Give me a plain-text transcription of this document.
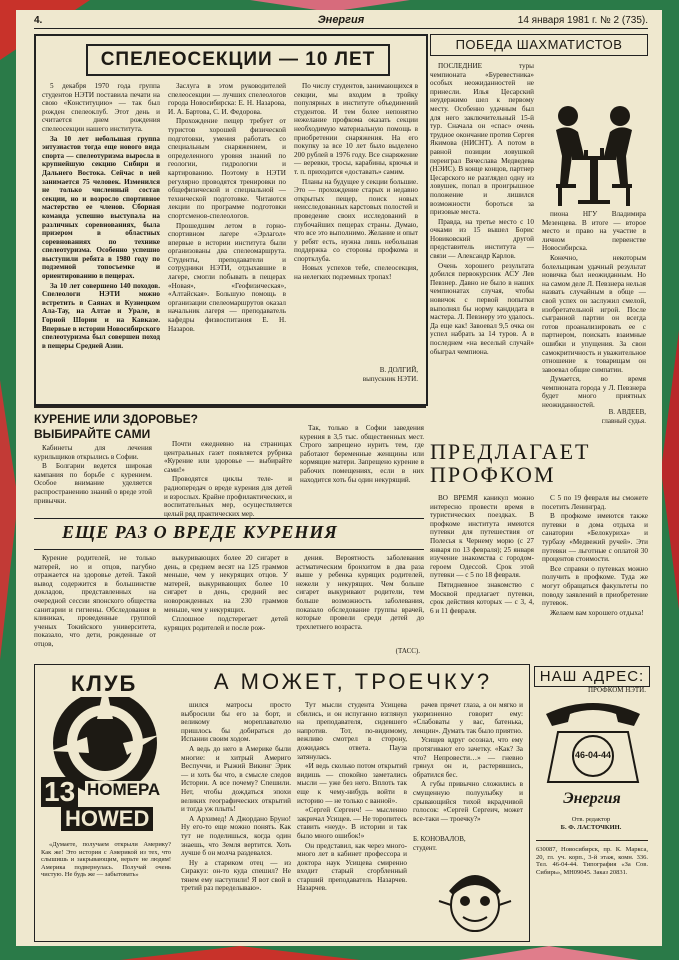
4.	Энергия	14 января 1981 г. № 2 (735).
СПЕЛЕОСЕКЦИИ — 10 ЛЕТ

5 декабря 1970 года группа студентов НЭТИ поставила печати на свою «Конституцию» — так был рожден спелеоклуб. Этот день и считается днем рождения спелеосекции нашего института.

За 10 лет небольшая группа энтузиастов тогда еще нового вида спорта — спелеотуризма выросла в крупнейшую секцию Сибири и Дальнего Востока. Сейчас в ней занимается 75 человек. Изменился не только численный состав секции, но и возросло спортивное мастерство ее членов. Сборная команда успешно выступала на различных соревнованиях, была призером в областных соревнованиях по технике спелеотуризма. Особенно успешно выступили ребята в 1980 году по подземной топосъемке и ориентированию в пещерах.

За 10 лет совершено 140 походов. Спелеологи НЭТИ можно встретить в Саянах и Кузнецком Ала-Тау, на Алтае и Урале, в Горной Шории и на Кавказе. Впервые в истории Новосибирского спелеотуризма был совершен поход в пещеры Средней Азии.

Заслуга в этом руководителей спелеосекции — лучших спелеологов города Новосибирска: Е. Н. Назарова, И. А. Бартова, С. И. Федорова.

Прохождение пещер требует от туристов хорошей физической подготовки, умения работать со специальным снаряжением, и определенного уровня знаний по геологии, гидрологии и картированию. Поэтому в НЭТИ регулярно проводятся тренировки по общефизической и специальной — технической подготовке. Читаются лекции по программе подготовки спортсменов-спелеологов.

Прошедшим летом в горно-спортивном лагере «Эрлагол» впервые в истории института были организованы два спелеомаршрута. Студенты, преподаватели и сотрудники НЭТИ, отдыхавшие в лагере, смогли побывать в пещерах «Новая», «Геофизическая», «Алтайская». Большую помощь в организации спелеомаршрутов оказал начальник лагеря — преподаватель кафедры физвоспитания Е. Н. Назаров.

По числу студентов, занимающихся в секции, мы входим в тройку популярных в институте объединений студентов. И тем более непонятно нежелание профкома оказать секции необходимую материальную помощь в приобретении снаряжения. На его покупку за все 10 лет было выделено 200 рублей в 1976 году. Все снаряжение — веревки, тросы, карабины, крючья и т. п. приходится «доставать» самим.

Планы на будущее у секции большие. Это — прохождение старых и недавно открытых пещер, поиск новых неисследованных карстовых полостей и проведение своих исследований в глубочайших пещерах страны. Думаю, что все это выполнимо. Желание и опыт у ребят есть, нужна лишь небольшая поддержка со стороны профкома и спортклуба.

Новых успехов тебе, спелеосекция, на нелегких подземных тропах!

В. ДОЛГИЙ,
выпускник НЭТИ.

ПОБЕДА ШАХМАТИСТОВ

ПОСЛЕДНИЕ туры чемпионата «Буревестника» особых неожиданностей не принесли. Илья Цесарский неудержимо шел к первому месту. Особенно удачным был для него заключительный 15-й тур. Сначала он «спас» очень трудное окончание против Сергея Якимова (НИСНТ). А потом в равной позиции ловушкой переиграл Вячеслава Медведева (НЭИС). В конце концов, партнер Цесарского не разглядел одну из ловушек, попал в проигрышное положение и лишился возможности бороться за призовые места.

Правда, на третье место с 10 очками из 15 вышел Борис Новиковский другой представитель института — связи — Александр Карлов.

Очень хорошего результата добился первокурсник АСУ Лев Певзнер. Давно не было в наших чемпионатах случая, чтобы новичок с первой попытки выполнял бы норму кандидата в мастера. Л. Певзнеру это удалось. Да еще как! Завоевал 9,5 очка он успел набрать за 14 туров. А в последнем «на веселый случай» обыграл чемпиона.

пиона НГУ Владимира Мезенцева. В итоге — второе место и право на участие в личном первенстве Новосибирска.

Конечно, некоторым болельщикам удачный результат новичка был неожиданным. Но на самом деле Л. Певзнера нельзя назвать случайным в обще — свой успех он заслужил смелой, изобретательной игрой. После сыгранной партии он всегда готов проанализировать ее с партнером, поискать взаимные ошибки и упущения. За свои самокритичность и уважительное отношение к товарищам он завоевал общие симпатии.

Думается, во время чемпионата города у Л. Певзнера будет много приятных неожиданностей.

В. АВДЕЕВ,
главный судья.

КУРЕНИЕ ИЛИ ЗДОРОВЬЕ?
ВЫБИРАЙТЕ САМИ

Кабинеты для лечения курильщиков открылись в Софии.

В Болгарии ведется широкая кампания по борьбе с курением. Особое внимание уделяется распространению знаний о вреде этой привычки.

Почти ежедневно на страницах центральных газет появляется рубрика «Курение или здоровье — выбирайте сами!»

Проводятся циклы теле- и радиопередач о вреде курения для детей и взрослых. Крайне профилактических, и воспитательных мер, осуществляется целый ряд практических мер.

Так, только в Софии заведения курения в 3,5 тыс. общественных мест. Строго запрещено нурить тем, где работают беременные женщины или кормящие матери. Запрещено курение в рабочих помещениях, если в них находится хоть бы один некурящий.

ПРЕДЛАГАЕТ ПРОФКОМ

ВО ВРЕМЯ каникул можно интересно провести время в туристических поездках. В профкоме института имеются путевки для путешествия от Полесья к Чернему морю (с 27 января по 13 февраля); 25 января изучение знакомства с городом-героем Одессой. Срок этой путевки — с 5 по 18 февраля.

Пятидневное знакомство с Москвой предлагает путевки, срок действия которых — с 3, 4, 6 и 11 февраля.

С 5 по 19 февраля вы сможете посетить Ленинград.

В профкоме имеются также путевки в дома отдыха и санатории «Белокуриха» и турбазу «Медвежий ручей». Эти путевки — льготные с оплатой 30 процентов стоимости.

Все справки о путевках можно получить в профкоме. Туда же могут обращаться факультеты по поводу заявлений в приобретение путевок.

Желаем вам хорошего отдыха!

ПРОФКОМ НЭТИ.

ЕЩЕ РАЗ О ВРЕДЕ КУРЕНИЯ

Курение родителей, не только матерей, но и отцов, пагубно отражается на здоровье детей. Такой вывод содержится в большинстве докладов, представленных на очередной сессии японского общества санитарии и гигиены. Обследования в клиниках, проведенные группой ученых Токийского университета, показало, что дети, рожденные от отцов,

выкуривающих более 20 сигарет в день, в среднем весят на 125 граммов меньше, чем у некурящих отцов. У матерей, выкуривающих более 10 сигарет в день, средний вес новорожденных на 230 граммов меньше, чем у некурящих.

Сплошное подстерегает детей курящих родителей и после рож-

дения. Вероятность заболевания астматическим бронхитом в два раза выше у ребенка курящих родителей, нежели у некурящих. Чем больше сигарет выкуривают родители, тем больше возможность заболевания, показало обследование группы врачей, которые провели среди детей до трехлетнего возраста.

(ТАСС).

А МОЖЕТ, ТРОЕЧКУ?
КЛУБ
13 НОМЕРА
HOWED

«Думаете, получаем открыли Америку? Как же! Это история с Америкой из тех, что слышишь и закрывающим, верьте не людям! Америка подвернулась. Получай очень чистую. Не будь же — забытовать»

шился матросы просто выбросили бы его за борт, и великому мореплавателю пришлось бы добираться до Испании своим ходом.

А ведь до него в Америке были многие: и хитрый Америго Веспуччи, и Рыжий Викинг Эрик — и хоть бы что, в смысле следов Истории. А все почему? Спешили. Нет, чтобы дождаться эпохи великих географических открытий и тогда уж плыть!

А Архимед! А Джордано Бруно! Ну его-то еще можно понять. Как тут не поделишься, когда один знаешь, что Земля вертится. Хоть лучше б он молча раздевался.

Ну а стариком отец — из Сиракуз: он-то куда спешил? Не тянем ему наступили! Я вот свой в третий раз переделываю».

Тут мысли студента Усищева сбились, и он испуганно взглянул на преподавателя, сидевшего напротив. Тот, по-видимому, вежливо смотрел в сторону, дожидаясь ответа. Пауза затянулась.

«И ведь сколько потом открытий видишь — спокойно заметались мысли — уже без него. Вплоть так еще к чему-нибудь войти в историю — не только с ванной».

«Сергей Сергеич! — мысленно закричал Усищев. — Не торопитесь ставить «неуд». В истории и так было много ошибок!»

Он представил, как через много-много лет в кабинет профессора и доктора наук Усищева смиренно входит старый сгорбленный старший преподаватель Назарчев. Назарчев.

рачев прячет глаза, а он мягко и укоризненно говорит ему: «Слабоваты у вас, батенька, ленцин». Думать так было приятно.

Усищев вдруг осознал, что ему протягивают его зачетку. «Как? За что? Непровести…» — гневно грянул он и, растерявшись, обратился бес.

А губы привычно сложились в смущенную полуулыбку и срывающийся тихой вкрадчивой голосок: «Сергей Сергеич, может все-таки — троечку?»

Б. КОНОВАЛОВ,
студент.

НАШ АДРЕС:
46-04-44
Энергия
Отв. редактор
Б. Ф. ЛАСТОЧКИН.

630087, Новосибирск, пр. К. Маркса, 20, гл. уч. корп., 3-й этаж, комн. 336. Тел. 46-04-44. Типография «За Сов. Сибирь», МН09045. Заказ 20831.
